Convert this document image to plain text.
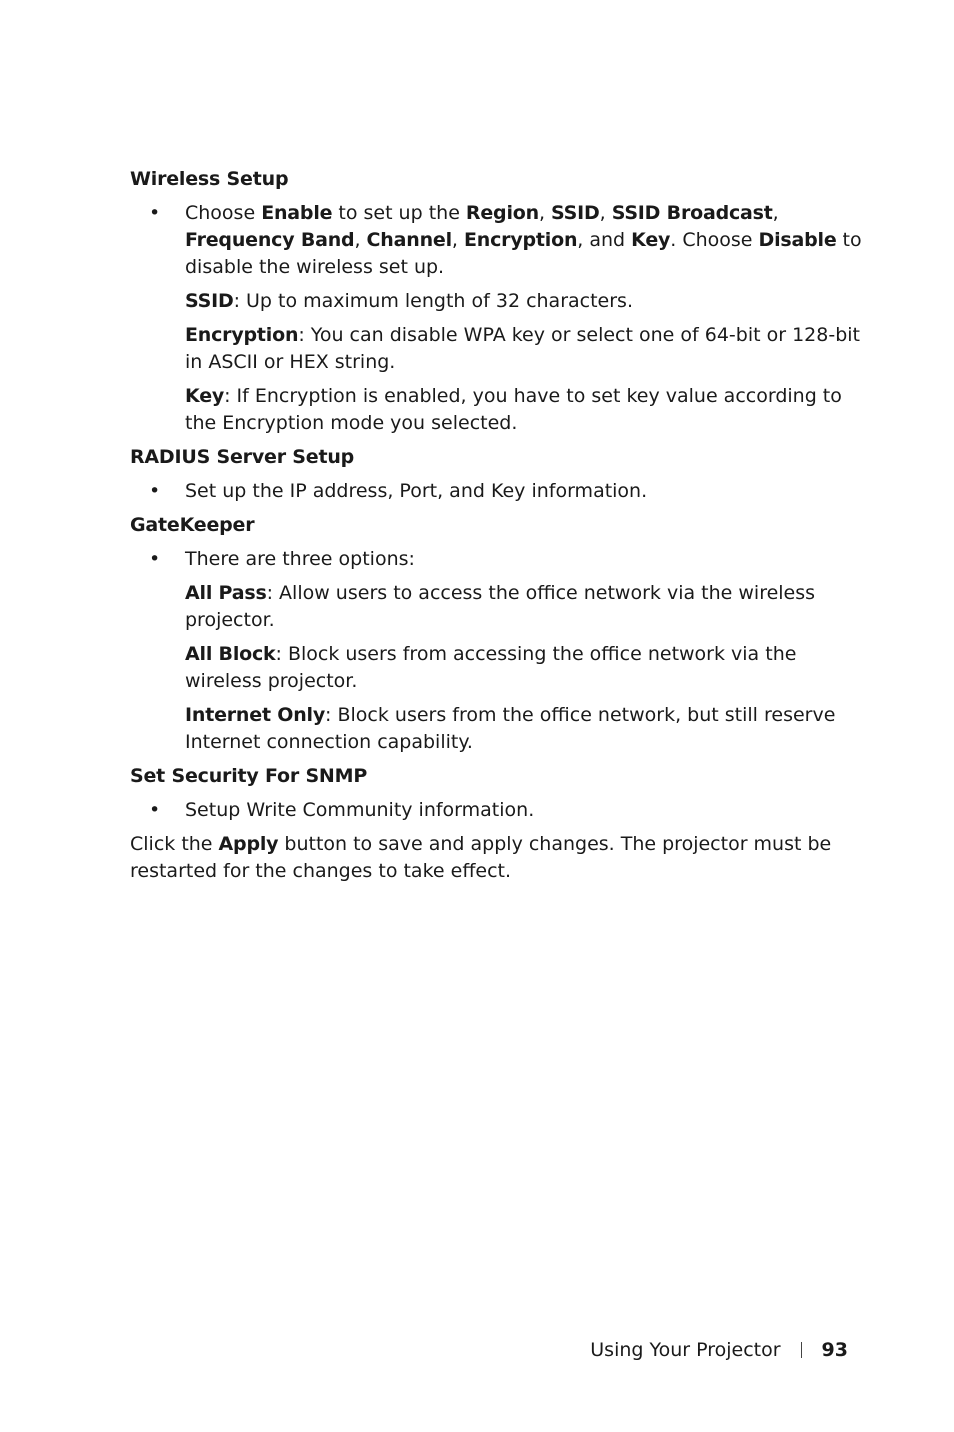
Wireless Setup
• Choose Enable to set up the Region, SSID, SSID Broadcast, Frequency Band, Channel, Encryption, and Key. Choose Disable to disable the wireless set up.
SSID: Up to maximum length of 32 characters.
Encryption: You can disable WPA key or select one of 64-bit or 128-bit in ASCII or HEX string.
Key: If Encryption is enabled, you have to set key value according to the Encryption mode you selected.
RADIUS Server Setup
• Set up the IP address, Port, and Key information.
GateKeeper
• There are three options:
All Pass: Allow users to access the office network via the wireless projector.
All Block: Block users from accessing the office network via the wireless projector.
Internet Only: Block users from the office network, but still reserve Internet connection capability.
Set Security For SNMP
• Setup Write Community information.
Click the Apply button to save and apply changes. The projector must be restarted for the changes to take effect.
Using Your Projector 93
